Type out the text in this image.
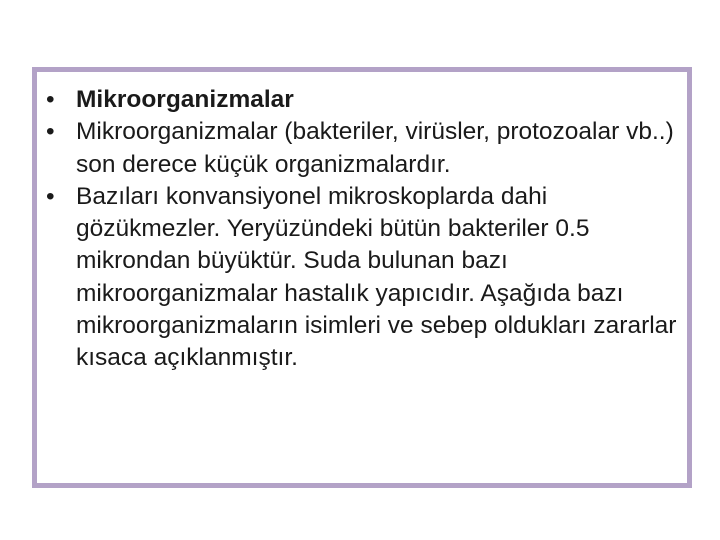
• Mikroorganizmalar
• Mikroorganizmalar (bakteriler, virüsler, protozoalar vb..) son derece küçük organizmalardır.
• Bazıları konvansiyonel mikroskoplarda dahi gözükmezler. Yeryüzündeki bütün bakteriler 0.5 mikrondan büyüktür. Suda bulunan bazı mikroorganizmalar hastalık yapıcıdır. Aşağıda bazı mikroorganizmaların isimleri ve sebep oldukları zararlar kısaca açıklanmıştır.
